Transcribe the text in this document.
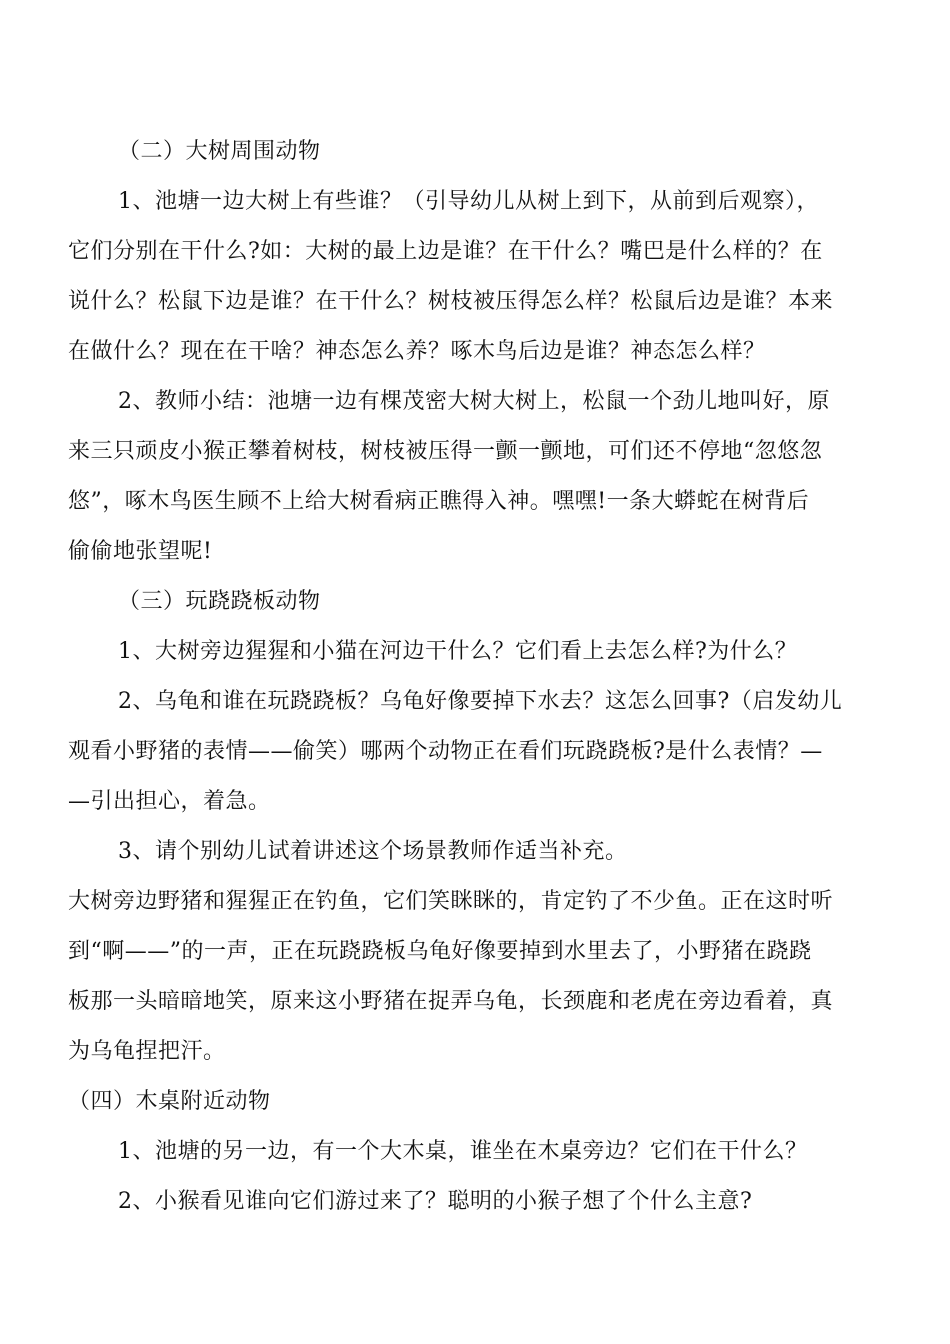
（二）大树周围动物
1、池塘一边大树上有些谁？（引导幼儿从树上到下，从前到后观察），
它们分别在干什么?如：大树的最上边是谁？在干什么？嘴巴是什么样的？在
说什么？松鼠下边是谁？在干什么？树枝被压得怎么样？松鼠后边是谁？本来
在做什么？现在在干啥？神态怎么养？啄木鸟后边是谁？神态怎么样？
2、教师小结：池塘一边有棵茂密大树大树上，松鼠一个劲儿地叫好，原
来三只顽皮小猴正攀着树枝，树枝被压得一颤一颤地，可们还不停地“忽悠忽
悠”，啄木鸟医生顾不上给大树看病正瞧得入神。嘿嘿!一条大蟒蛇在树背后
偷偷地张望呢!
（三）玩跷跷板动物
1、大树旁边猩猩和小猫在河边干什么？它们看上去怎么样?为什么？
2、乌龟和谁在玩跷跷板？乌龟好像要掉下水去？这怎么回事?（启发幼儿
观看小野猪的表情——偷笑）哪两个动物正在看们玩跷跷板?是什么表情？—
—引出担心，着急。
3、请个别幼儿试着讲述这个场景教师作适当补充。
大树旁边野猪和猩猩正在钓鱼，它们笑眯眯的，肯定钓了不少鱼。正在这时听
到“啊——”的一声，正在玩跷跷板乌龟好像要掉到水里去了，小野猪在跷跷
板那一头暗暗地笑，原来这小野猪在捉弄乌龟，长颈鹿和老虎在旁边看着，真
为乌龟捏把汗。
（四）木桌附近动物
1、池塘的另一边，有一个大木桌，谁坐在木桌旁边？它们在干什么？
2、小猴看见谁向它们游过来了？聪明的小猴子想了个什么主意?
